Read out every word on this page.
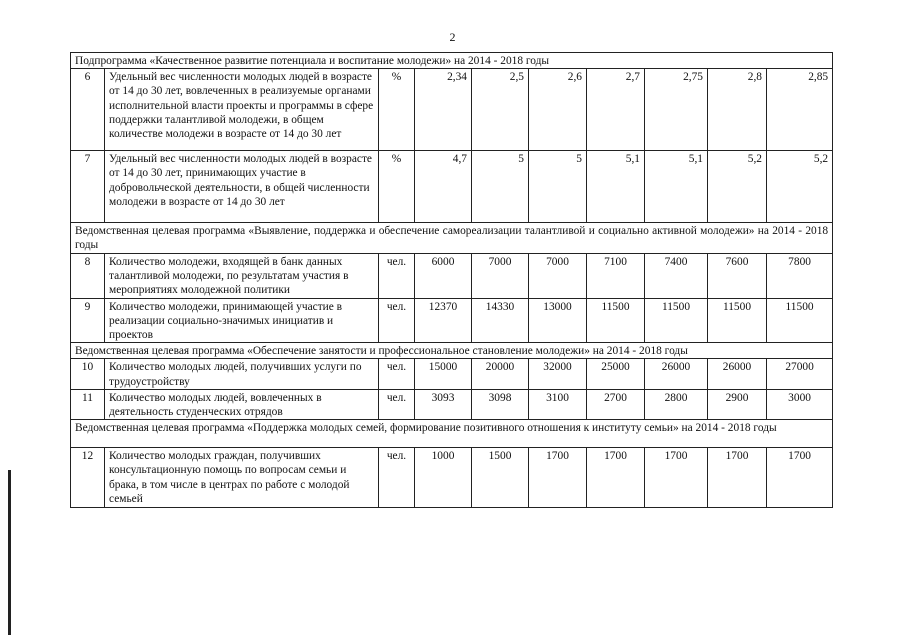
2
Подпрограмма «Качественное развитие потенциала и воспитание молодежи» на 2014 - 2018 годы									
6	Удельный вес численности молодых людей в возрасте от 14 до 30 лет, вовлеченных в реализуемые органами исполнительной власти проекты и программы в сфере поддержки талантливой молодежи, в общем количестве молодежи в возрасте от 14 до 30 лет	%	2,34	2,5	2,6	2,7	2,75	2,8	2,85
7	Удельный вес численности молодых людей в возрасте от 14 до 30 лет, принимающих участие в добровольческой деятельности, в общей численности молодежи в возрасте от 14 до 30 лет	%	4,7	5	5	5,1	5,1	5,2	5,2
Ведомственная целевая программа «Выявление, поддержка и обеспечение самореализации талантливой и социально активной молодежи» на 2014 - 2018 годы									
8	Количество молодежи, входящей в банк данных талантливой молодежи, по результатам участия в мероприятиях молодежной политики	чел.	6000	7000	7000	7100	7400	7600	7800
9	Количество молодежи, принимающей участие в реализации социально-значимых инициатив и проектов	чел.	12370	14330	13000	11500	11500	11500	11500
Ведомственная целевая программа «Обеспечение занятости и профессиональное становление молодежи» на 2014 - 2018 годы									
10	Количество молодых людей, получивших услуги по трудоустройству	чел.	15000	20000	32000	25000	26000	26000	27000
11	Количество молодых людей, вовлеченных в деятельность студенческих отрядов	чел.	3093	3098	3100	2700	2800	2900	3000
Ведомственная целевая программа «Поддержка молодых семей, формирование позитивного отношения к институту семьи» на 2014 - 2018 годы									
12	Количество молодых граждан, получивших консультационную помощь по вопросам семьи и брака, в том числе в центрах по работе с молодой семьей	чел.	1000	1500	1700	1700	1700	1700	1700
